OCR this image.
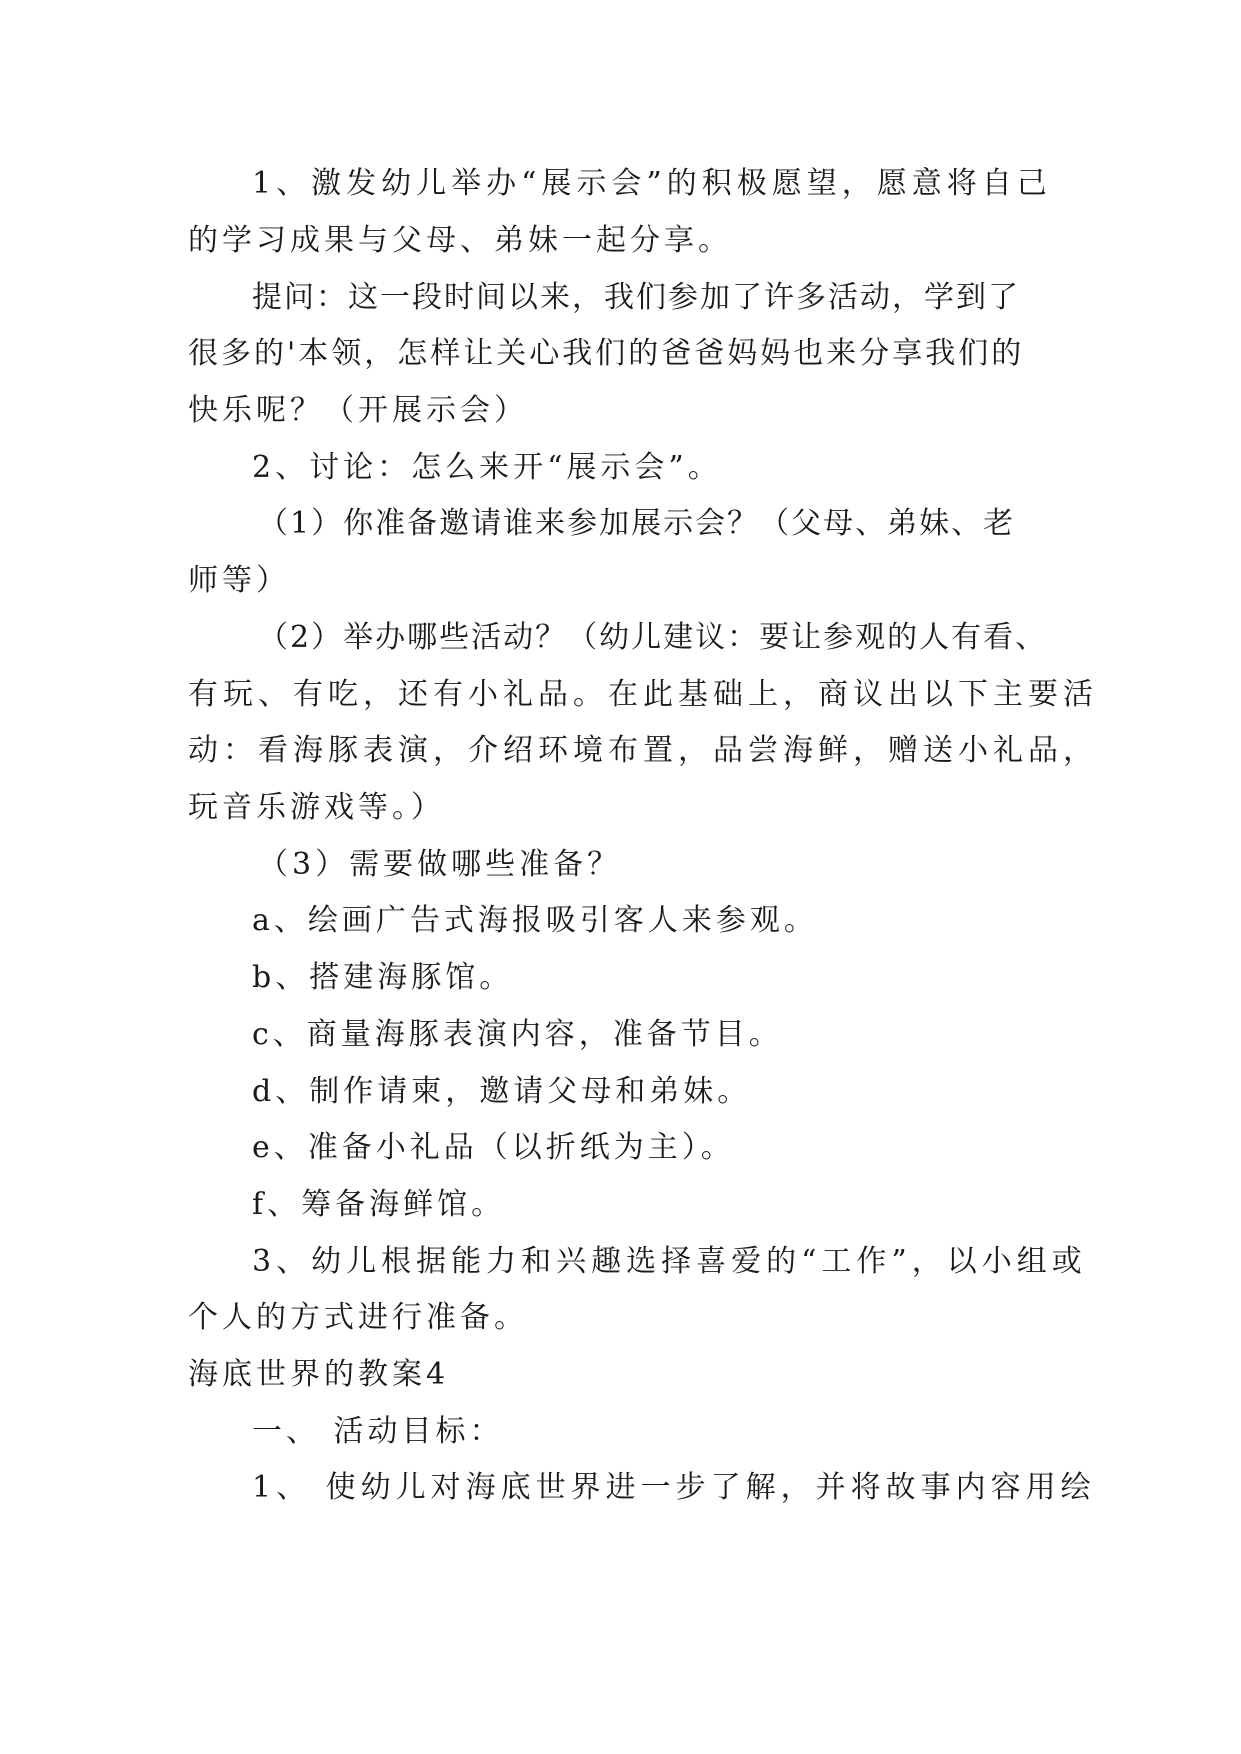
1、激发幼儿举办“展示会”的积极愿望，愿意将自己

的学习成果与父母、弟妹一起分享。

提问：这一段时间以来，我们参加了许多活动，学到了

很多的'本领，怎样让关心我们的爸爸妈妈也来分享我们的

快乐呢？（开展示会）

2、讨论：怎么来开“展示会”。

（1）你准备邀请谁来参加展示会？（父母、弟妹、老

师等）

（2）举办哪些活动？（幼儿建议：要让参观的人有看、

有玩、有吃，还有小礼品。在此基础上，商议出以下主要活

动：看海豚表演，介绍环境布置，品尝海鲜，赠送小礼品，

玩音乐游戏等。）

（3）需要做哪些准备？

a、绘画广告式海报吸引客人来参观。

b、搭建海豚馆。

c、商量海豚表演内容，准备节目。

d、制作请柬，邀请父母和弟妹。

e、准备小礼品（以折纸为主）。

f、筹备海鲜馆。

3、幼儿根据能力和兴趣选择喜爱的“工作”，以小组或

个人的方式进行准备。

海底世界的教案4

一、 活动目标：

1、 使幼儿对海底世界进一步了解，并将故事内容用绘
